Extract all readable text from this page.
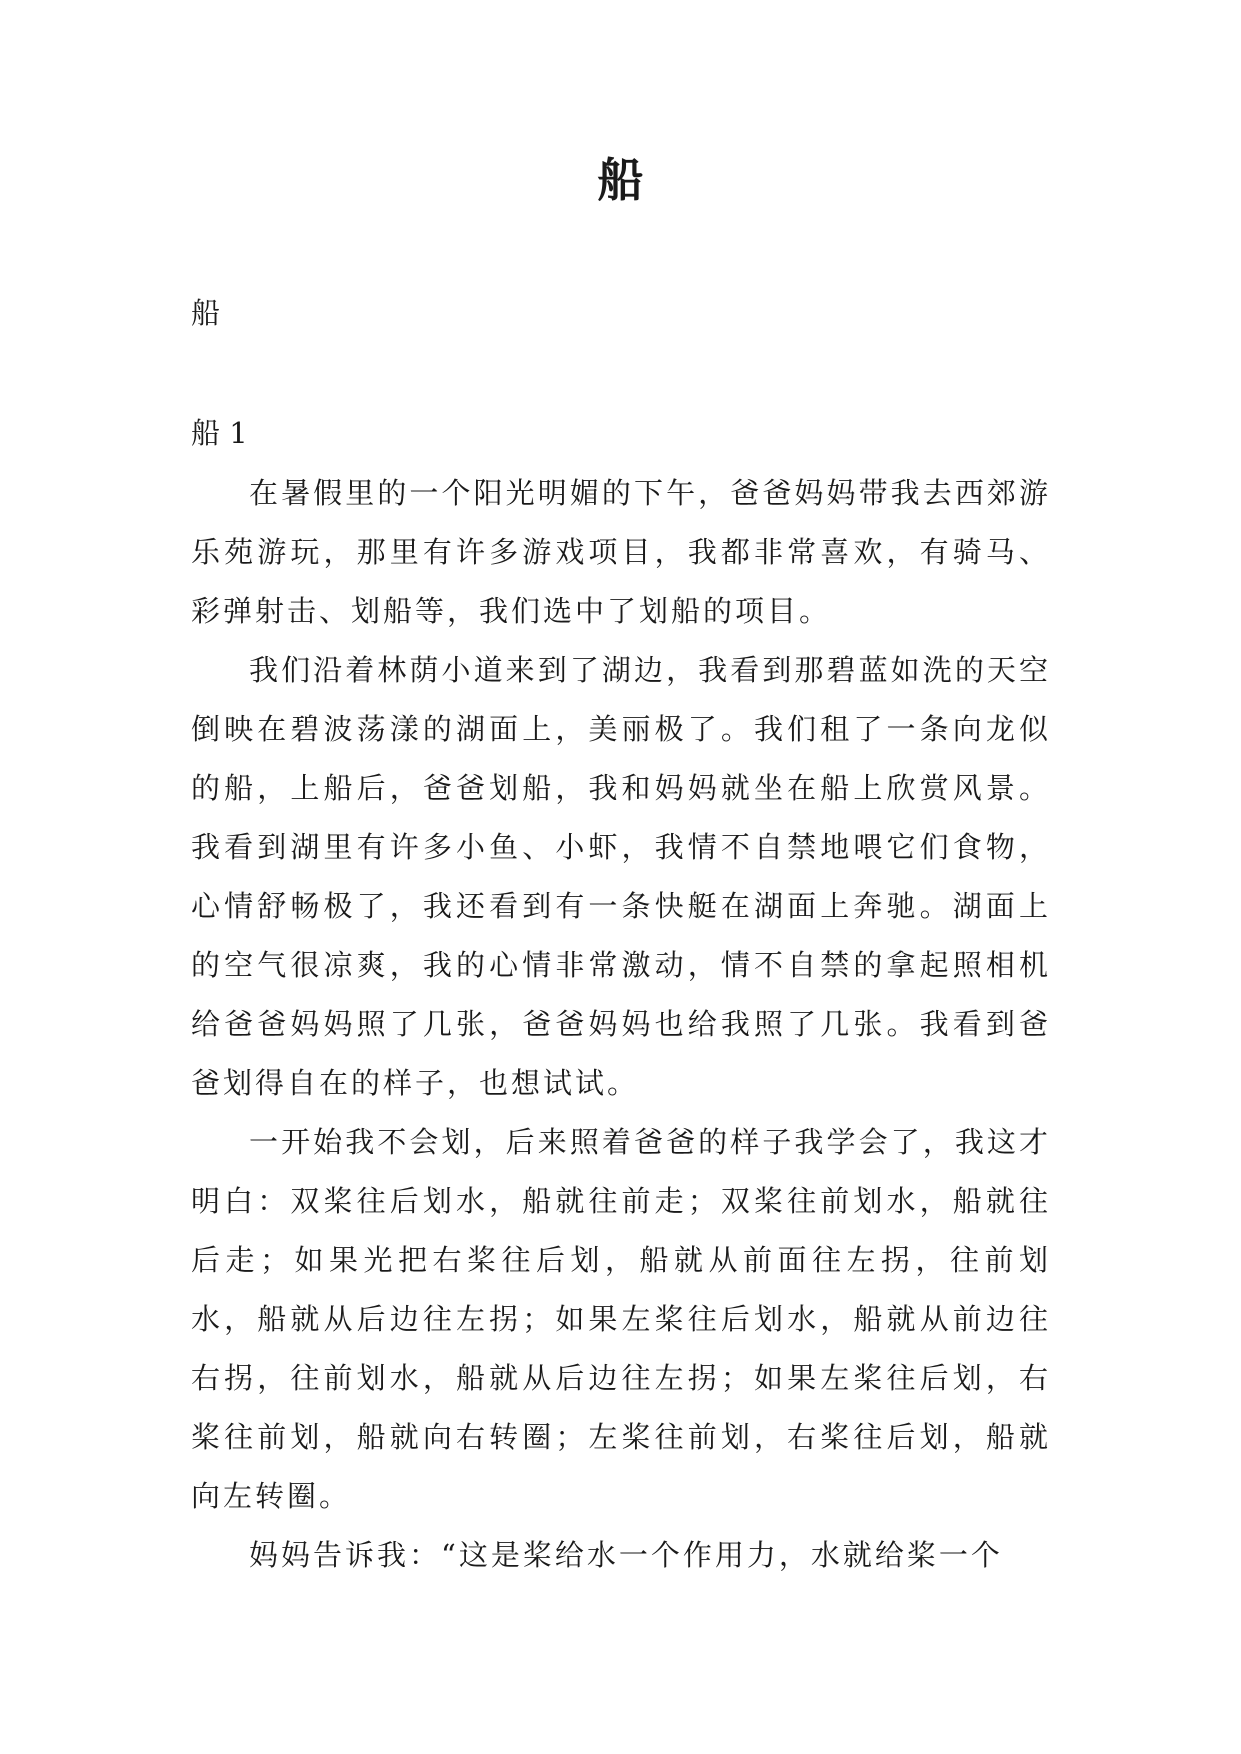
船
船
船 1

在暑假里的一个阳光明媚的下午，爸爸妈妈带我去西郊游乐苑游玩，那里有许多游戏项目，我都非常喜欢，有骑马、彩弹射击、划船等，我们选中了划船的项目。

我们沿着林荫小道来到了湖边，我看到那碧蓝如洗的天空倒映在碧波荡漾的湖面上，美丽极了。我们租了一条向龙似的船，上船后，爸爸划船，我和妈妈就坐在船上欣赏风景。我看到湖里有许多小鱼、小虾，我情不自禁地喂它们食物，心情舒畅极了，我还看到有一条快艇在湖面上奔驰。湖面上的空气很凉爽，我的心情非常激动，情不自禁的拿起照相机给爸爸妈妈照了几张，爸爸妈妈也给我照了几张。我看到爸爸划得自在的样子，也想试试。

一开始我不会划，后来照着爸爸的样子我学会了，我这才明白：双桨往后划水，船就往前走；双桨往前划水，船就往后走；如果光把右桨往后划，船就从前面往左拐，往前划水，船就从后边往左拐；如果左桨往后划水，船就从前边往右拐，往前划水，船就从后边往左拐；如果左桨往后划，右桨往前划，船就向右转圈；左桨往前划，右桨往后划，船就向左转圈。

妈妈告诉我：“这是桨给水一个作用力，水就给桨一个
